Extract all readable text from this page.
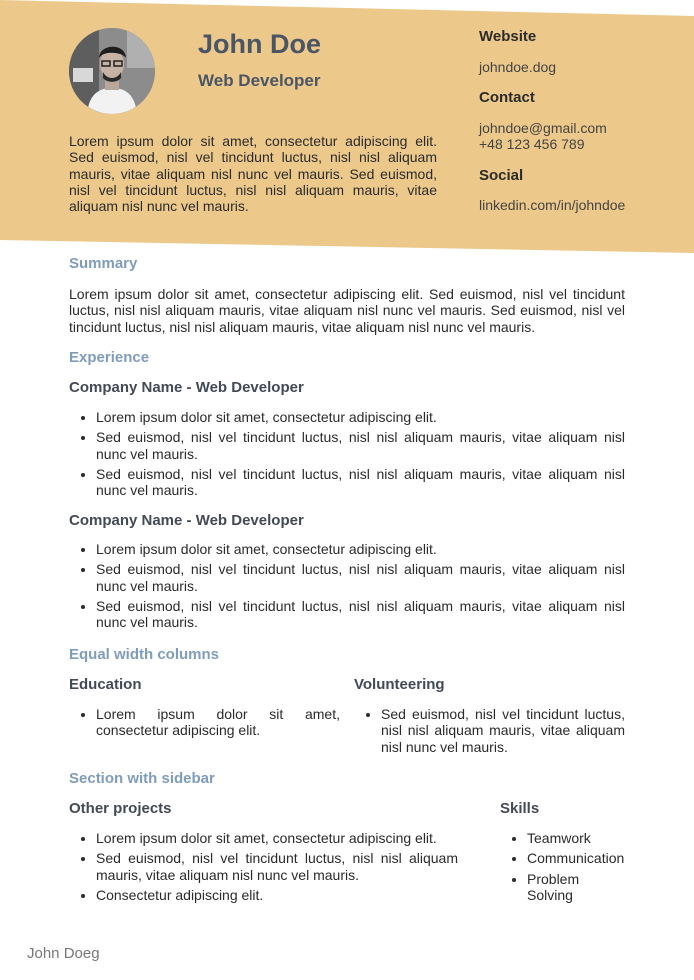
John Doe
Web Developer

Lorem ipsum dolor sit amet, consectetur adipiscing elit. Sed euismod, nisl vel tincidunt luctus, nisl nisl aliquam mauris, vitae aliquam nisl nunc vel mauris. Sed euismod, nisl vel tincidunt luctus, nisl nisl aliquam mauris, vitae aliquam nisl nunc vel mauris.

Website

johndoe.dog

Contact

johndoe@gmail.com

+48 123 456 789

Social

linkedin.com/in/johndoe

Summary

Lorem ipsum dolor sit amet, consectetur adipiscing elit. Sed euismod, nisl vel tincidunt luctus, nisl nisl aliquam mauris, vitae aliquam nisl nunc vel mauris. Sed euismod, nisl vel tincidunt luctus, nisl nisl aliquam mauris, vitae aliquam nisl nunc vel mauris.

Experience
Company Name - Web Developer
• Lorem ipsum dolor sit amet, consectetur adipiscing elit.
• Sed euismod, nisl vel tincidunt luctus, nisl nisl aliquam mauris, vitae aliquam nisl nunc vel mauris.
• Sed euismod, nisl vel tincidunt luctus, nisl nisl aliquam mauris, vitae aliquam nisl nunc vel mauris.
Company Name - Web Developer
• Lorem ipsum dolor sit amet, consectetur adipiscing elit.
• Sed euismod, nisl vel tincidunt luctus, nisl nisl aliquam mauris, vitae aliquam nisl nunc vel mauris.
• Sed euismod, nisl vel tincidunt luctus, nisl nisl aliquam mauris, vitae aliquam nisl nunc vel mauris.
Equal width columns
Education
• Lorem ipsum dolor sit amet, consectetur adipiscing elit.
Volunteering
• Sed euismod, nisl vel tincidunt luctus, nisl nisl aliquam mauris, vitae aliquam nisl nunc vel mauris.
Section with sidebar
Other projects
• Lorem ipsum dolor sit amet, consectetur adipiscing elit.
• Sed euismod, nisl vel tincidunt luctus, nisl nisl aliquam mauris, vitae aliquam nisl nunc vel mauris.
• Consectetur adipiscing elit.
Skills
• Teamwork
• Communication
• Problem Solving
John Doeg
